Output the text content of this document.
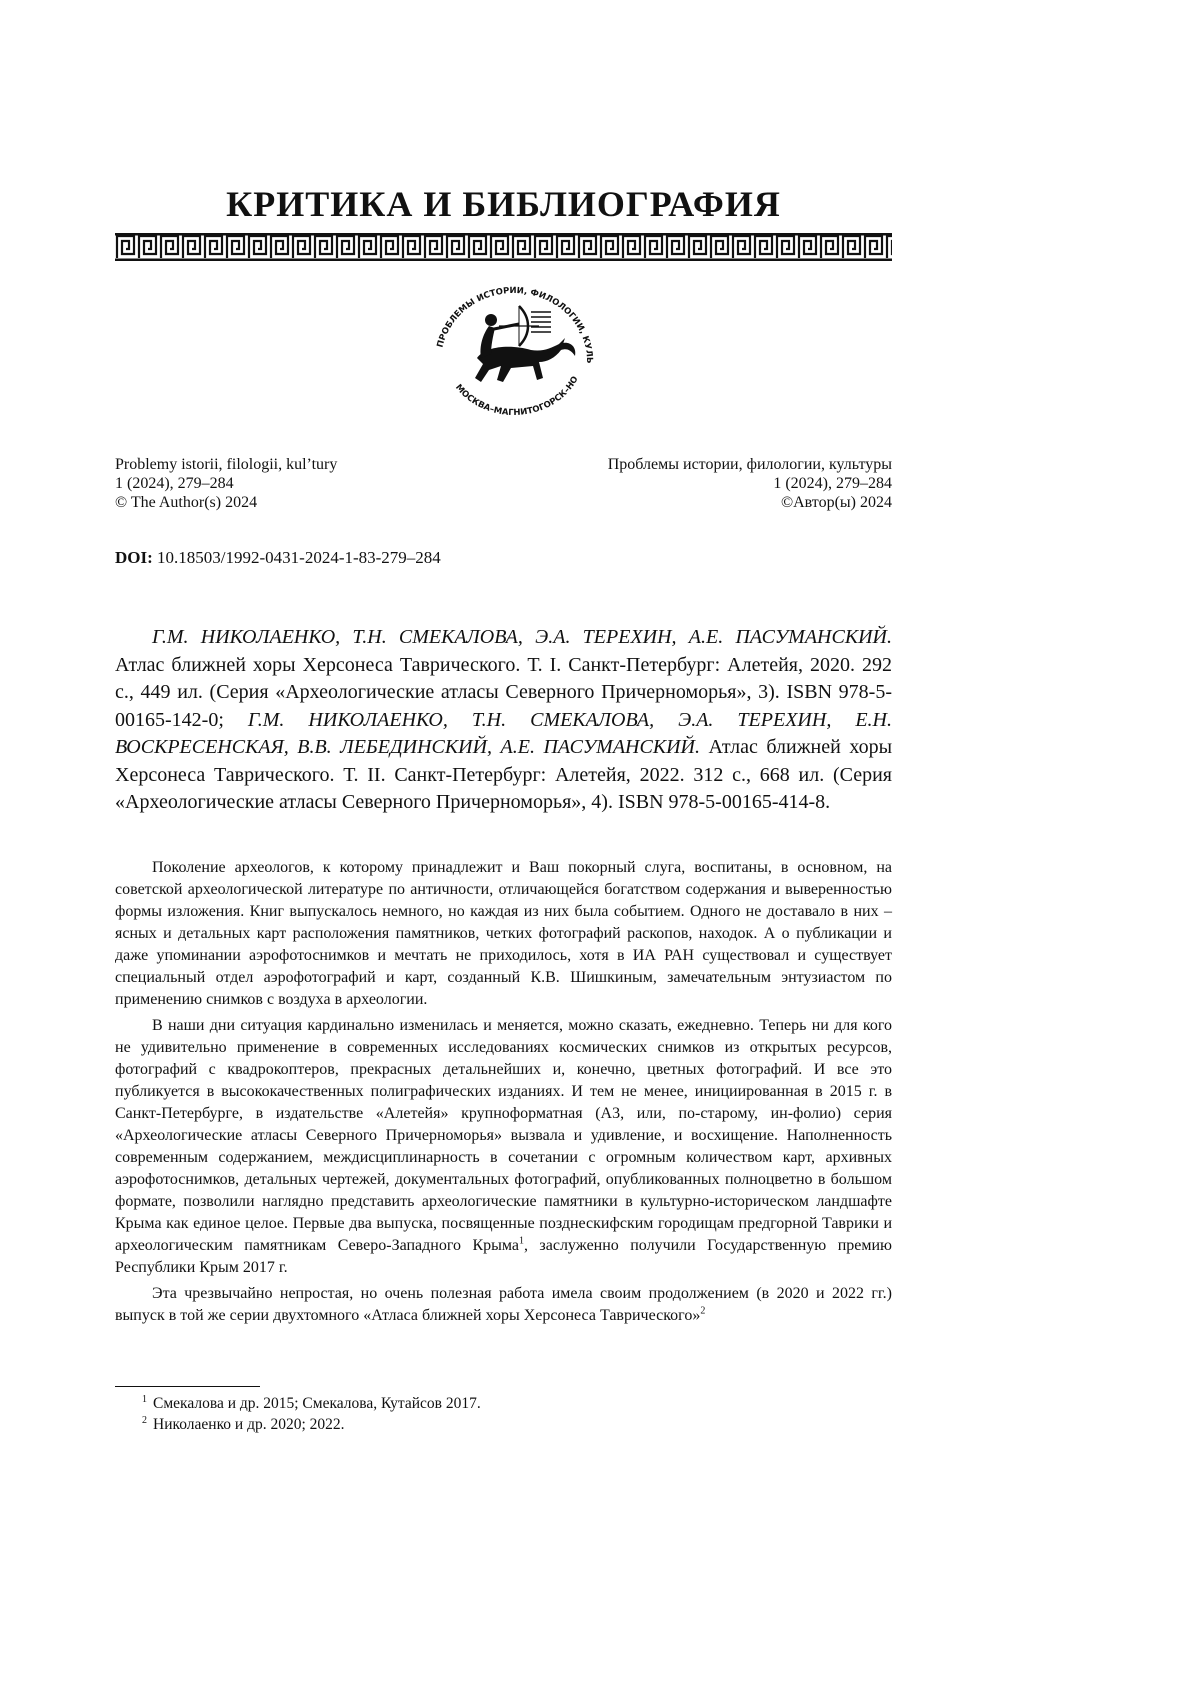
КРИТИКА И БИБЛИОГРАФИЯ
ПРОБЛЕМЫ ИСТОРИИ, ФИЛОЛОГИИ, КУЛЬ
МОСКВА–МАГНИТОГОРСК–НО
Problemy istorii, filologii, kul’tury
1 (2024), 279–284
© The Author(s) 2024
Проблемы истории, филологии, культуры
1 (2024), 279–284
©Автор(ы) 2024
DOI: 10.18503/1992-0431-2024-1-83-279–284

Г.М. НИКОЛАЕНКО, Т.Н. СМЕКАЛОВА, Э.А. ТЕРЕХИН, А.Е. ПАСУМАН­СКИЙ. Атлас ближней хоры Херсонеса Таврического. Т. I. Санкт-Петербург: Алетейя, 2020. 292 с., 449 ил. (Серия «Археологические атласы Северного Причерноморья», 3). ISBN 978-5-00165-142-0; Г.М. НИКОЛАЕНКО, Т.Н. СМЕКАЛОВА, Э.А. ТЕРЕХИН, Е.Н. ВОСКРЕСЕНСКАЯ, В.В. ЛЕБЕДИНСКИЙ, А.Е. ПАСУМАН­СКИЙ. Атлас ближней хоры Херсонеса Таврического. Т. II. Санкт-Петербург: Алетейя, 2022. 312 с., 668 ил. (Серия «Археологические атласы Северного Причерноморья», 4). ISBN 978-5-00165-414-8.

Поколение археологов, к которому принадлежит и Ваш покорный слуга, воспитаны, в основном, на советской археологической литературе по античности, отличающейся богатством содержания и выверенностью формы изложения. Книг выпускалось немного, но каждая из них была событием. Одного не доставало в них – ясных и детальных карт расположения памятников, четких фотографий раскопов, находок. А о публикации и даже упоминании аэрофотоснимков и мечтать не приходилось, хотя в ИА РАН существовал и существует специальный отдел аэрофотографий и карт, созданный К.В. Шишкиным, замечательным энтузиастом по применению снимков с воздуха в археологии.

В наши дни ситуация кардинально изменилась и меняется, можно сказать, ежедневно. Теперь ни для кого не удивительно применение в современных исследованиях космических снимков из открытых ресурсов, фотографий с квадрокоптеров, прекрасных детальнейших и, конечно, цветных фотографий. И все это публикуется в высококачественных полиграфических изданиях. И тем не менее, инициированная в 2015 г. в Санкт-Петербурге, в издательстве «Алетейя» крупноформатная (А3, или, по-старому, ин-фолио) серия «Археологические атласы Северного Причерноморья» вызвала и удивление, и восхищение. Наполненность современным содержанием, междисциплинарность в сочетании с огромным количеством карт, архивных аэрофотоснимков, детальных чертежей, документальных фотографий, опубликованных полноцветно в большом формате, позволили наглядно представить археологические памятники в культурно-историческом ландшафте Крыма как единое целое. Первые два выпуска, посвященные позднескифским городищам предгорной Таврики и археологическим памятникам Северо-Западного Крыма1, заслуженно получили Государственную премию Республики Крым 2017 г.

Эта чрезвычайно непростая, но очень полезная работа имела своим продолжением (в 2020 и 2022 гг.) выпуск в той же серии двухтомного «Атласа ближней хоры Херсонеса Таврического»2

1 Смекалова и др. 2015; Смекалова, Кутайсов 2017.
2 Николаенко и др. 2020; 2022.
